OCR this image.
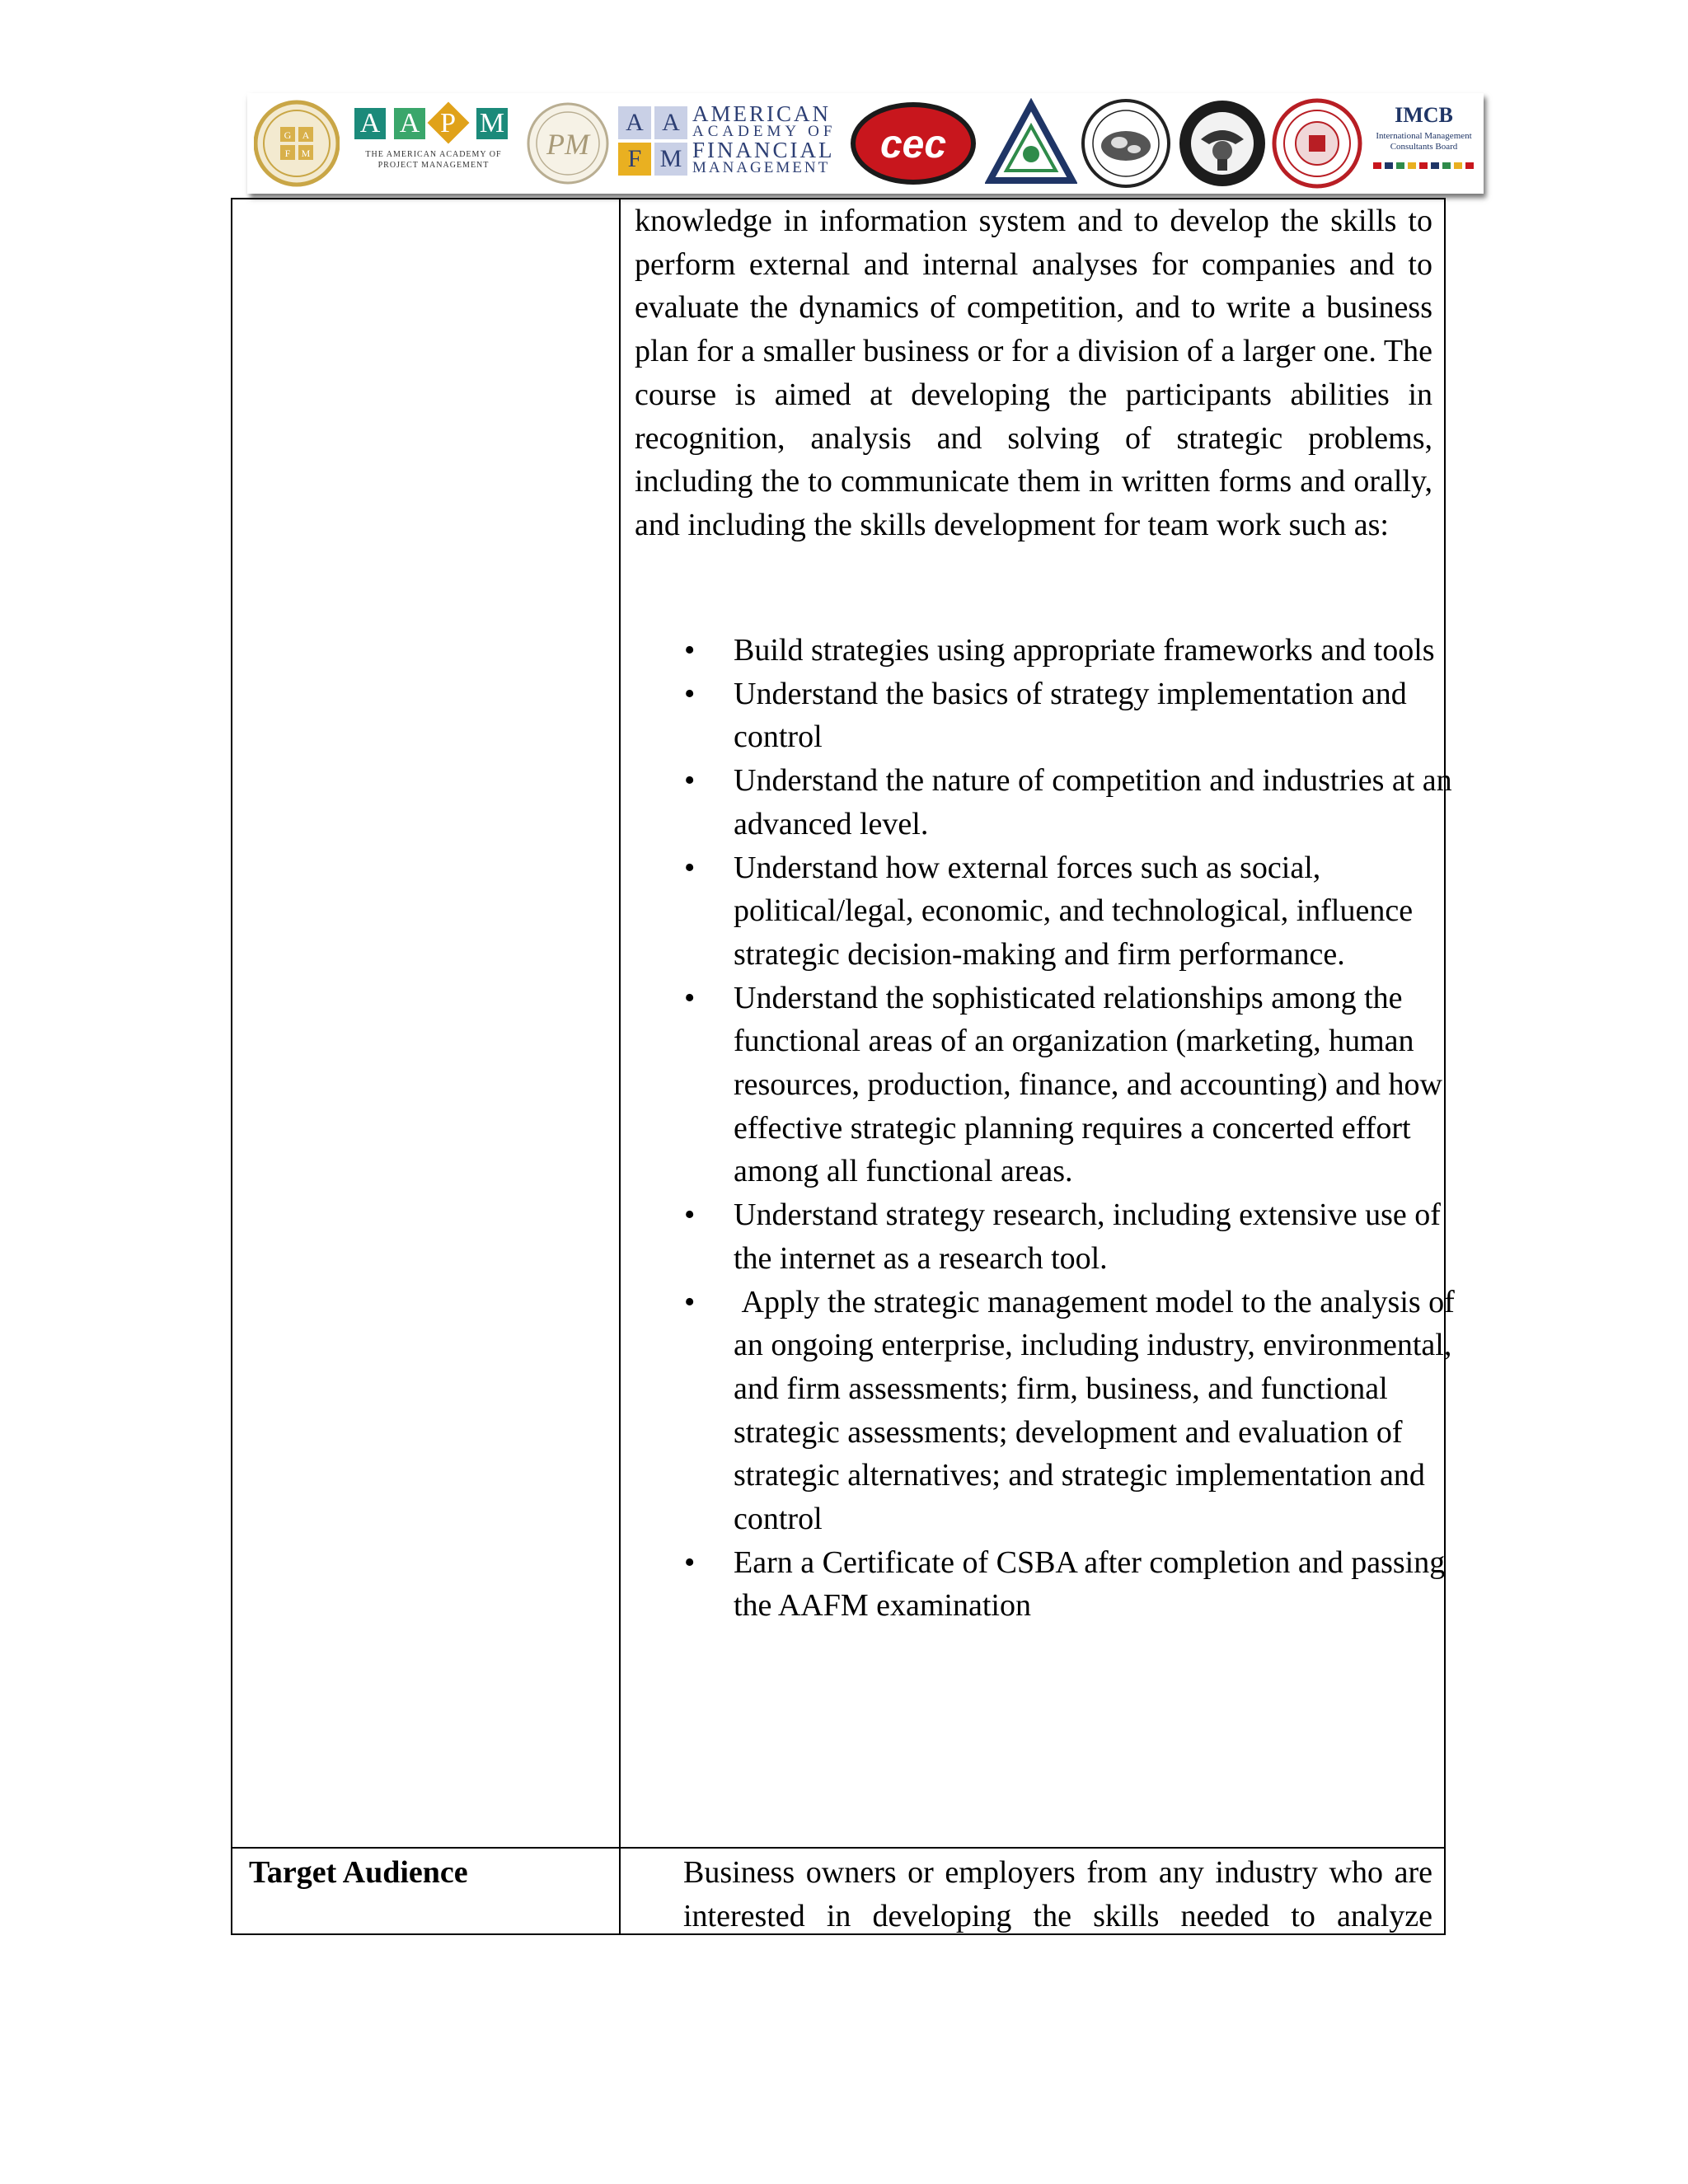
G A
F M
A A P M
THE AMERICAN ACADEMY OF
PROJECT MANAGEMENT
PM
A A
F M
AMERICAN
ACADEMY OF
FINANCIAL
MANAGEMENT
cec
IMCB
International Management
Consultants Board

knowledge in information system and to develop the skills to perform external and internal analyses for companies and to evaluate the dynamics of competition, and to write a business plan for a smaller business or for a division of a larger one. The course is aimed at developing the participants abilities in recognition, analysis and solving of strategic problems, including the to communicate them in written forms and orally, and including the skills development for team work such as:

• Build strategies using appropriate frameworks and tools
• Understand the basics of strategy implementation and control
• Understand the nature of competition and industries at an advanced level.
• Understand how external forces such as social, political/legal, economic, and technological, influence strategic decision-making and firm performance.
• Understand the sophisticated relationships among the functional areas of an organization (marketing, human resources, production, finance, and accounting) and how effective strategic planning requires a concerted effort among all functional areas.
• Understand strategy research, including extensive use of the internet as a research tool.
•  Apply the strategic management model to the analysis of an ongoing enterprise, including industry, environmental, and firm assessments; firm, business, and functional strategic assessments; development and evaluation of strategic alternatives; and strategic implementation and control
• Earn a Certificate of CSBA after completion and passing the AAFM examination

Target Audience	Business owners or employers from any industry who are interested in developing the skills needed to analyze
